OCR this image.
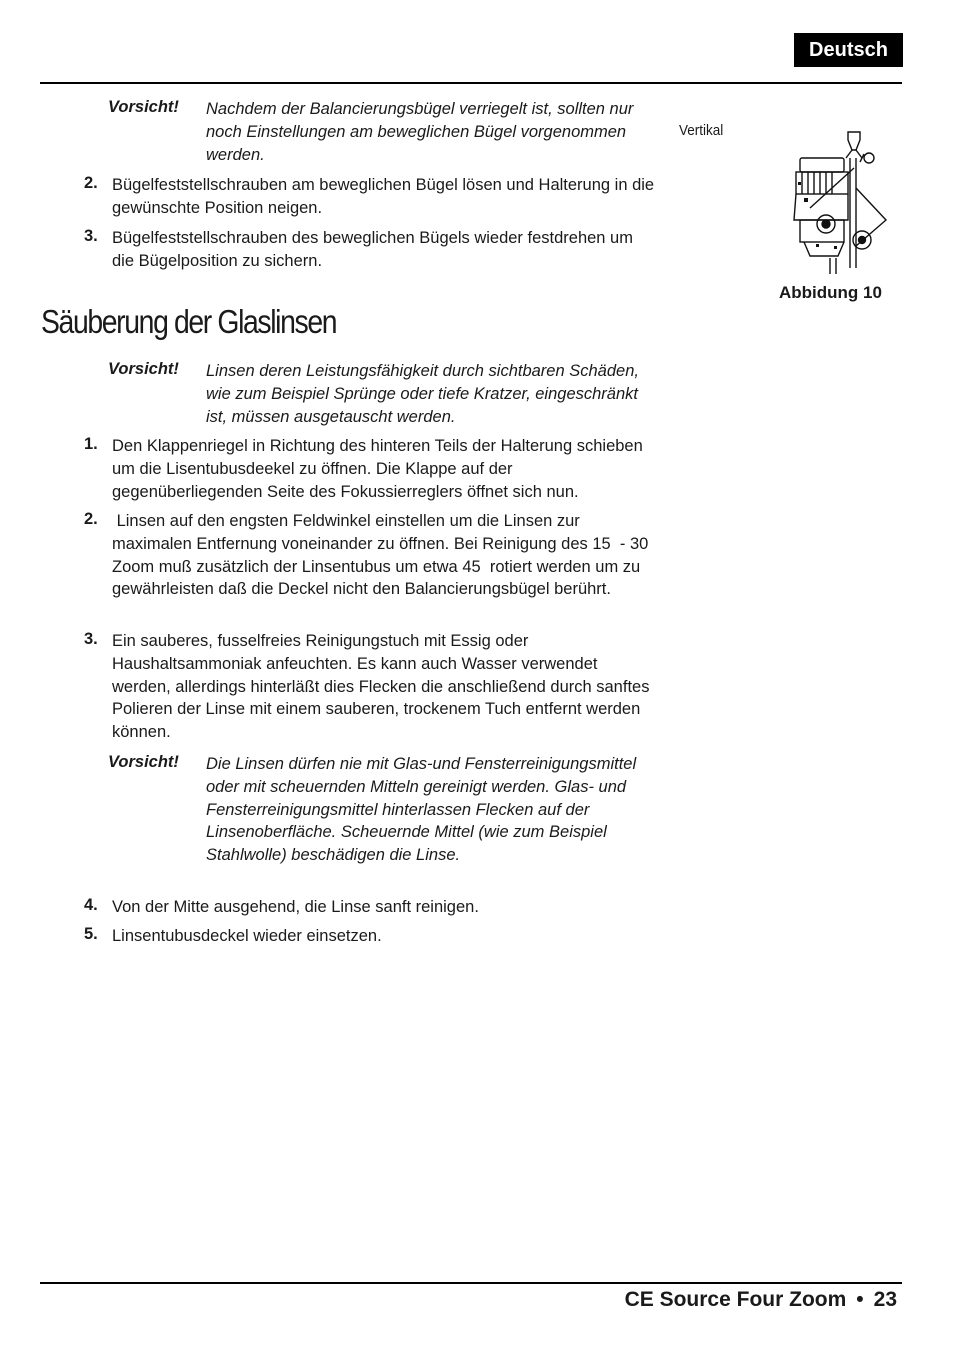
Deutsch
Vorsicht! Nachdem der Balancierungsbügel verriegelt ist, sollten nur noch Einstellungen am beweglichen Bügel vorgenommen werden.
2. Bügelfeststellschrauben am beweglichen Bügel lösen und Halterung in die gewünschte Position neigen.
3. Bügelfeststellschrauben des beweglichen Bügels wieder festdrehen um die Bügelposition zu sichern.
Vertikal
Abbidung 10
Säuberung der Glaslinsen
Vorsicht! Linsen deren Leistungsfähigkeit durch sichtbaren Schäden, wie zum Beispiel Sprünge oder tiefe Kratzer, eingeschränkt ist, müssen ausgetauscht werden.
1. Den Klappenriegel in Richtung des hinteren Teils der Halterung schieben um die Lisentubusdeekel zu öffnen. Die Klappe auf der gegenüberliegenden Seite des Fokussierreglers öffnet sich nun.
2. Linsen auf den engsten Feldwinkel einstellen um die Linsen zur maximalen Entfernung voneinander zu öffnen. Bei Reinigung des 15  - 30  Zoom muß zusätzlich der Linsentubus um etwa 45  rotiert werden um zu gewährleisten daß die Deckel nicht den Balancierungsbügel berührt.
3. Ein sauberes, fusselfreies Reinigungstuch mit Essig oder Haushaltsammoniak anfeuchten. Es kann auch Wasser verwendet werden, allerdings hinterläßt dies Flecken die anschließend durch sanftes Polieren der Linse mit einem sauberen, trockenem Tuch entfernt werden können.
Vorsicht! Die Linsen dürfen nie mit Glas-und Fensterreinigungsmittel oder mit scheuernden Mitteln gereinigt werden. Glas- und Fensterreinigungsmittel hinterlassen Flecken auf der Linsenoberfläche. Scheuernde Mittel (wie zum Beispiel Stahlwolle) beschädigen die Linse.
4. Von der Mitte ausgehend, die Linse sanft reinigen.
5. Linsentubusdeckel wieder einsetzen.
CE Source Four Zoom • 23
